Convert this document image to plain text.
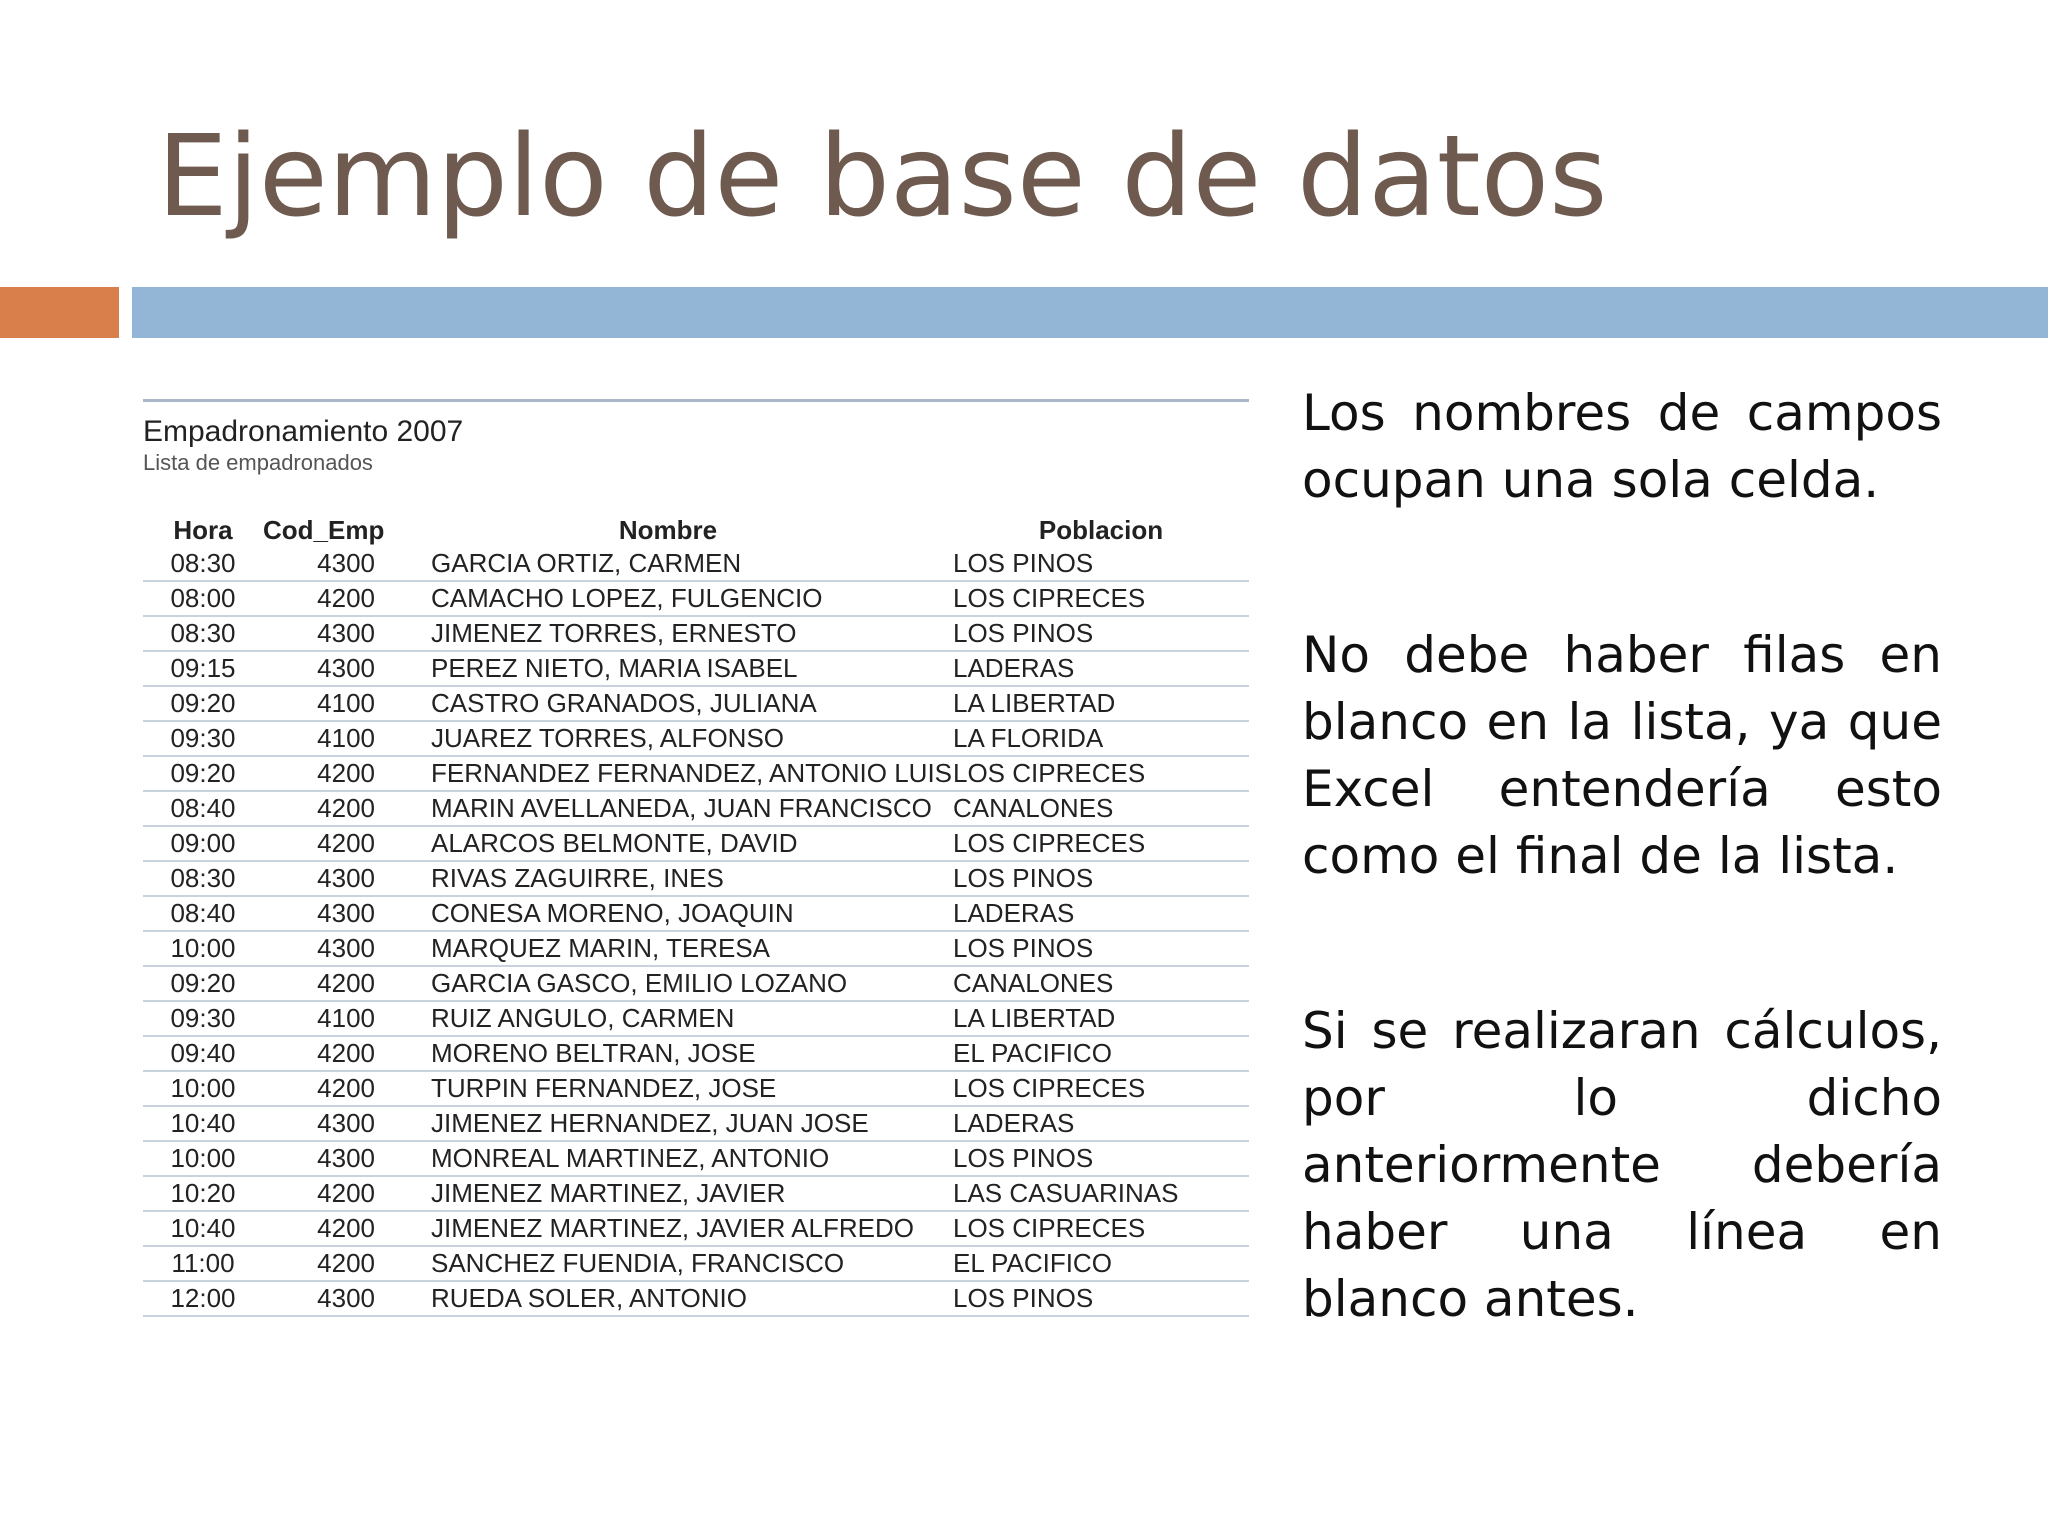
Ejemplo de base de datos
Empadronamiento 2007
Lista de empadronados
Hora	Cod_Emp	Nombre	Poblacion
08:30	4300	GARCIA ORTIZ, CARMEN	LOS PINOS
08:00	4200	CAMACHO LOPEZ, FULGENCIO	LOS CIPRECES
08:30	4300	JIMENEZ TORRES, ERNESTO	LOS PINOS
09:15	4300	PEREZ NIETO, MARIA ISABEL	LADERAS
09:20	4100	CASTRO GRANADOS, JULIANA	LA LIBERTAD
09:30	4100	JUAREZ TORRES, ALFONSO	LA FLORIDA
09:20	4200	FERNANDEZ FERNANDEZ, ANTONIO LUIS	LOS CIPRECES
08:40	4200	MARIN AVELLANEDA, JUAN FRANCISCO	CANALONES
09:00	4200	ALARCOS BELMONTE, DAVID	LOS CIPRECES
08:30	4300	RIVAS ZAGUIRRE, INES	LOS PINOS
08:40	4300	CONESA MORENO, JOAQUIN	LADERAS
10:00	4300	MARQUEZ MARIN, TERESA	LOS PINOS
09:20	4200	GARCIA GASCO, EMILIO LOZANO	CANALONES
09:30	4100	RUIZ ANGULO, CARMEN	LA LIBERTAD
09:40	4200	MORENO BELTRAN, JOSE	EL PACIFICO
10:00	4200	TURPIN FERNANDEZ, JOSE	LOS CIPRECES
10:40	4300	JIMENEZ HERNANDEZ, JUAN JOSE	LADERAS
10:00	4300	MONREAL MARTINEZ, ANTONIO	LOS PINOS
10:20	4200	JIMENEZ MARTINEZ, JAVIER	LAS CASUARINAS
10:40	4200	JIMENEZ MARTINEZ, JAVIER ALFREDO	LOS CIPRECES
11:00	4200	SANCHEZ FUENDIA, FRANCISCO	EL PACIFICO
12:00	4300	RUEDA SOLER, ANTONIO	LOS PINOS

Los nombres de campos ocupan una sola celda.

No debe haber filas en blanco en la lista, ya que Excel entendería esto como el final de la lista.

Si se realizaran cálculos, por lo dicho anteriormente debería haber una línea en blanco antes.
